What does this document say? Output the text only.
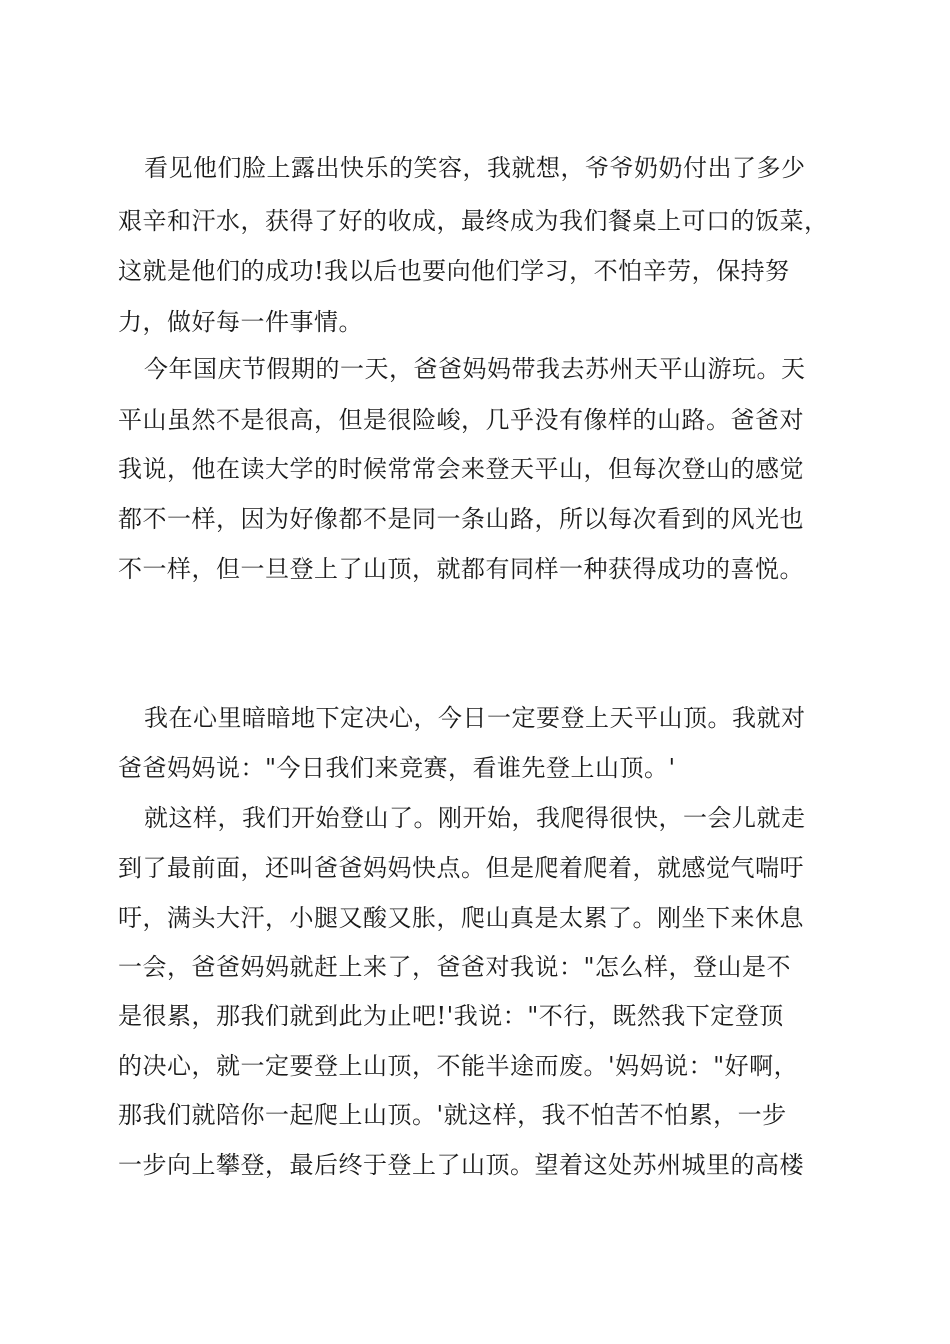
看见他们脸上露出快乐的笑容，我就想，爷爷奶奶付出了多少

艰辛和汗水，获得了好的收成，最终成为我们餐桌上可口的饭菜，

这就是他们的成功!我以后也要向他们学习，不怕辛劳，保持努

力，做好每一件事情。

今年国庆节假期的一天，爸爸妈妈带我去苏州天平山游玩。天

平山虽然不是很高，但是很险峻，几乎没有像样的山路。爸爸对

我说，他在读大学的时候常常会来登天平山，但每次登山的感觉

都不一样，因为好像都不是同一条山路，所以每次看到的风光也

不一样，但一旦登上了山顶，就都有同样一种获得成功的喜悦。

我在心里暗暗地下定决心，今日一定要登上天平山顶。我就对

爸爸妈妈说："今日我们来竞赛，看谁先登上山顶。'

就这样，我们开始登山了。刚开始，我爬得很快，一会儿就走

到了最前面，还叫爸爸妈妈快点。但是爬着爬着，就感觉气喘吁

吁，满头大汗，小腿又酸又胀，爬山真是太累了。刚坐下来休息

一会，爸爸妈妈就赶上来了，爸爸对我说："怎么样，登山是不

是很累，那我们就到此为止吧!'我说："不行，既然我下定登顶

的决心，就一定要登上山顶，不能半途而废。'妈妈说："好啊，

那我们就陪你一起爬上山顶。'就这样，我不怕苦不怕累，一步

一步向上攀登，最后终于登上了山顶。望着这处苏州城里的高楼
